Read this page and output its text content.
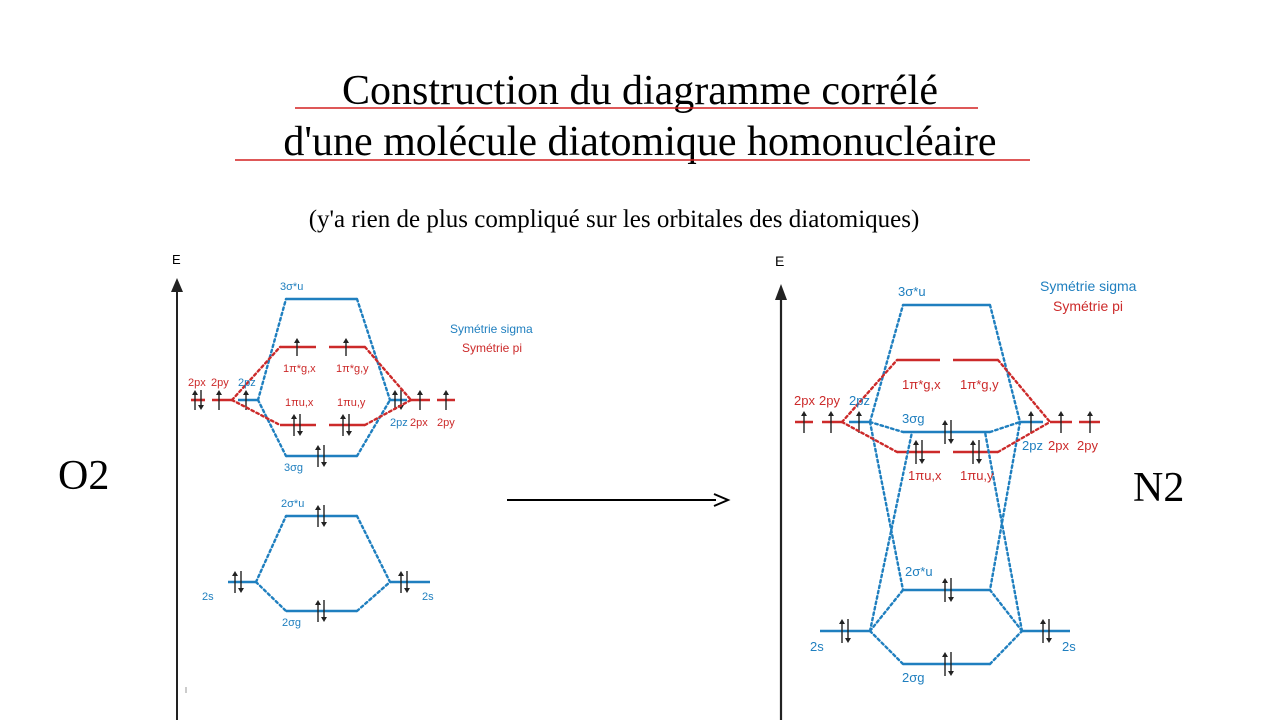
Construction du diagramme corrélé
d'une molécule diatomique homonucléaire
(y'a rien de plus compliqué sur les orbitales des diatomiques)
O2	N2
E
Symétrie sigma
Symétrie pi
3σ*u
1π*g,x 1π*g,y
1πu,x 1πu,y
3σg
2σ*u
2σg
2px 2py 2pz
2pz 2px 2py
2s	2s
E
Symétrie sigma
Symétrie pi
3σ*u
1π*g,x 1π*g,y
3σg
1πu,x 1πu,y
2σ*u
2σg
2px 2py 2pz
2pz 2px 2py
2s	2s
